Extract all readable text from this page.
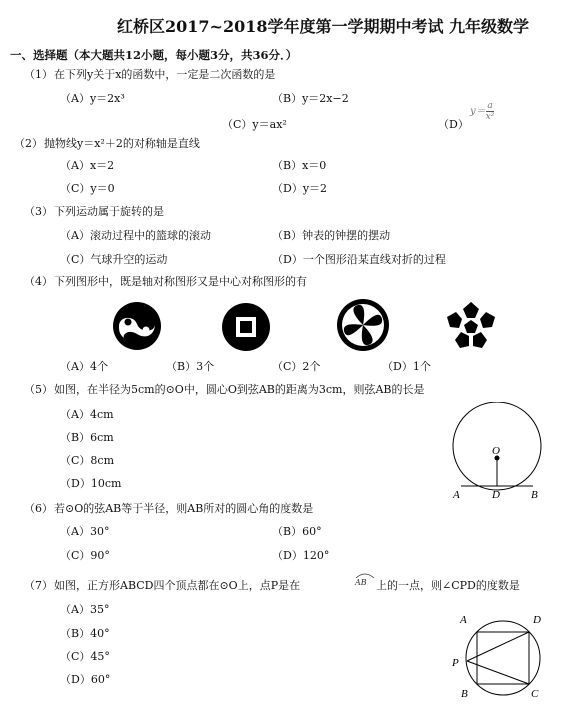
红桥区2017~2018学年度第一学期期中考试 九年级数学
一、选择题（本大题共12小题，每小题3分，共36分．）
（1） 在下列y关于x的函数中，一定是二次函数的是
（A）y＝2x³	（B）y＝2x−2
（C）y＝ax²	（D）
$y= \frac{a}{\text{x²}}$
（2） 抛物线y＝x²＋2的对称轴是直线
（A）x＝2	（B）x＝0
（C）y＝0	（D）y＝2
（3） 下列运动属于旋转的是
（A）滚动过程中的篮球的滚动	（B）钟表的钟摆的摆动
（C）气球升空的运动	（D）一个图形沿某直线对折的过程
（4） 下列图形中，既是轴对称图形又是中心对称图形的有
（A）4个	（B）3个	（C）2个	（D）1个
（5） 如图，在半径为5cm的⊙O中，圆心O到弦AB的距离为3cm，则弦AB的长是
（A）4cm
（B）6cm
（C）8cm
（D）10cm
O
A	D	B
（6） 若⊙O的弦AB等于半径，则AB所对的圆心角的度数是
（A）30°	（B）60°
（C）90°	（D）120°
（7） 如图，正方形ABCD四个顶点都在⊙O上，点P是在	AB 上的一点，则∠CPD的度数是
（A）35°
（B）40°
（C）45°
（D）60°
A	D
P
B	C
